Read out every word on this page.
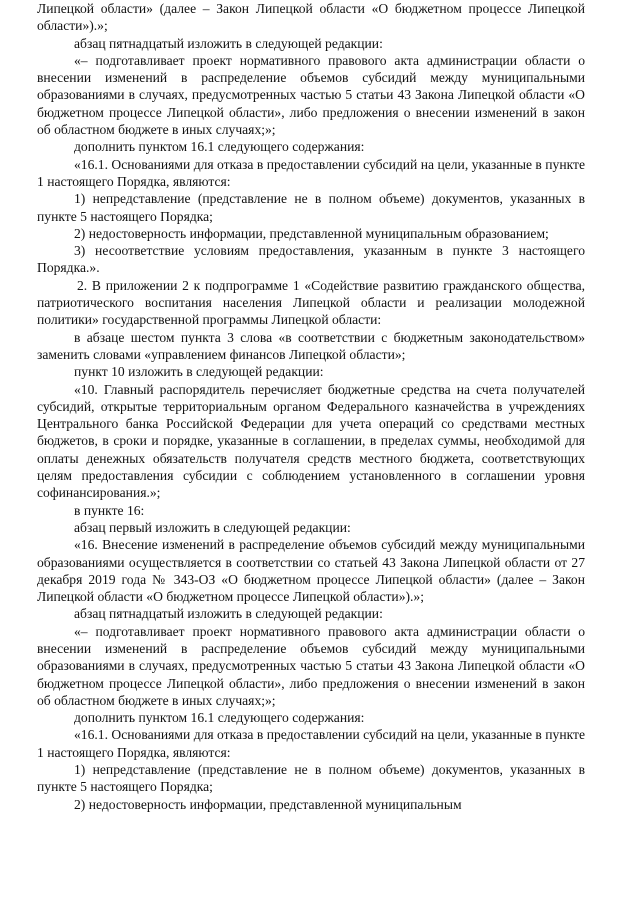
Липецкой области» (далее – Закон Липецкой области «О бюджетном процессе Липецкой области»).»;

абзац пятнадцатый изложить в следующей редакции:

«– подготавливает проект нормативного правового акта администрации области о внесении изменений в распределение объемов субсидий между муниципальными образованиями в случаях, предусмотренных частью 5 статьи 43 Закона Липецкой области «О бюджетном процессе Липецкой области», либо предложения о внесении изменений в закон об областном бюджете в иных случаях;»;

дополнить пунктом 16.1 следующего содержания:

«16.1. Основаниями для отказа в предоставлении субсидий на цели, указанные в пункте 1 настоящего Порядка, являются:

1) непредставление (представление не в полном объеме) документов, указанных в пункте 5 настоящего Порядка;

2) недостоверность информации, представленной муниципальным образованием;

3) несоответствие условиям предоставления, указанным в пункте 3 настоящего Порядка.».

2. В приложении 2 к подпрограмме 1 «Содействие развитию гражданского общества, патриотического воспитания населения Липецкой области и реализации молодежной политики» государственной программы Липецкой области:

в абзаце шестом пункта 3 слова «в соответствии с бюджетным законодательством» заменить словами «управлением финансов Липецкой области»;

пункт 10 изложить в следующей редакции:

«10. Главный распорядитель перечисляет бюджетные средства на счета получателей субсидий, открытые территориальным органом Федерального казначейства в учреждениях Центрального банка Российской Федерации для учета операций со средствами местных бюджетов, в сроки и порядке, указанные в соглашении, в пределах суммы, необходимой для оплаты денежных обязательств получателя средств местного бюджета, соответствующих целям предоставления субсидии с соблюдением установленного в соглашении уровня софинансирования.»;

в пункте 16:

абзац первый изложить в следующей редакции:

«16. Внесение изменений в распределение объемов субсидий между муниципальными образованиями осуществляется в соответствии со статьей 43 Закона Липецкой области от 27 декабря 2019 года № 343-ОЗ «О бюджетном процессе Липецкой области» (далее – Закон Липецкой области «О бюджетном процессе Липецкой области»).»;

абзац пятнадцатый изложить в следующей редакции:

«– подготавливает проект нормативного правового акта администрации области о внесении изменений в распределение объемов субсидий между муниципальными образованиями в случаях, предусмотренных частью 5 статьи 43 Закона Липецкой области «О бюджетном процессе Липецкой области», либо предложения о внесении изменений в закон об областном бюджете в иных случаях;»;

дополнить пунктом 16.1 следующего содержания:

«16.1. Основаниями для отказа в предоставлении субсидий на цели, указанные в пункте 1 настоящего Порядка, являются:

1) непредставление (представление не в полном объеме) документов, указанных в пункте 5 настоящего Порядка;

2) недостоверность информации, представленной муниципальным
